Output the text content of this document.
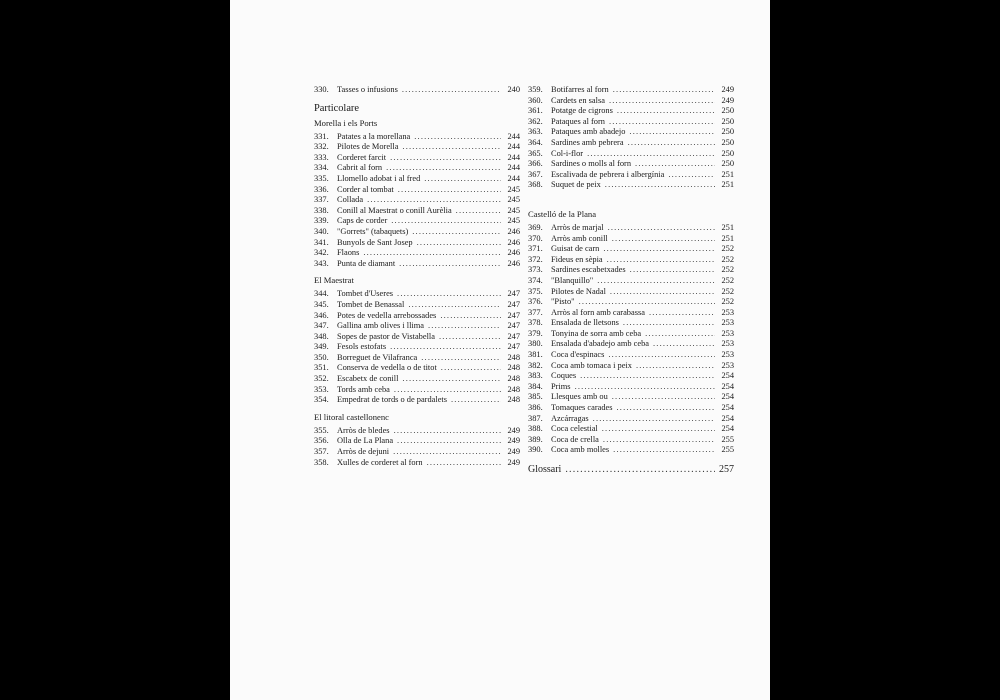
330. Tasses o infusions .....	240
Particolare
Morella i els Ports
331. Patates a la morellana .....	244
332. Pilotes de Morella .....	244
333. Corderet farcit .....	244
334. Cabrit al forn .....	244
335. Llomello adobat i al fred .....	244
336. Corder al tombat .....	245
337. Collada .....	245
338. Conill al Maestrat o conill Aurèlia .....	245
339. Caps de corder .....	245
340. "Gorrets" (tabaquets) .....	246
341. Bunyols de Sant Josep .....	246
342. Flaons .....	246
343. Punta de diamant .....	246
El Maestrat
344. Tombet d'Useres .....	247
345. Tombet de Benassal .....	247
346. Potes de vedella arrebossades .....	247
347. Gallina amb olives i llima .....	247
348. Sopes de pastor de Vistabella .....	247
349. Fesols estofats .....	247
350. Borreguet de Vilafranca .....	248
351. Conserva de vedella o de titot .....	248
352. Escabetx de conill .....	248
353. Tords amb ceba .....	248
354. Empedrat de tords o de pardalets .....	248
El litoral castellonenc
355. Arròs de bledes .....	249
356. Olla de La Plana .....	249
357. Arròs de dejuni .....	249
358. Xulles de corderet al forn .....	249
359. Botifarres al forn .....	249
360. Cardets en salsa .....	249
361. Potatge de cigrons .....	250
362. Pataques al forn .....	250
363. Pataques amb abadejo .....	250
364. Sardines amb pebrera .....	250
365. Col-i-flor .....	250
366. Sardines o molls al forn .....	250
367. Escalivada de pebrera i albergínia .....	251
368. Suquet de peix .....	251
Castelló de la Plana
369. Arròs de marjal .....	251
370. Arròs amb conill .....	251
371. Guisat de carn .....	252
372. Fideus en sèpia .....	252
373. Sardines escabetxades .....	252
374. "Blanquillo" .....	252
375. Pilotes de Nadal .....	252
376. "Pisto" .....	252
377. Arròs al forn amb carabassa .....	253
378. Ensalada de lletsons .....	253
379. Tonyina de sorra amb ceba .....	253
380. Ensalada d'abadejo amb ceba .....	253
381. Coca d'espinacs .....	253
382. Coca amb tomaca i peix .....	253
383. Coques .....	254
384. Prims .....	254
385. Llesques amb ou .....	254
386. Tomaques carades .....	254
387. Azcárragas .....	254
388. Coca celestial .....	254
389. Coca de crella .....	255
390. Coca amb molles .....	255
Glossari .....	257
